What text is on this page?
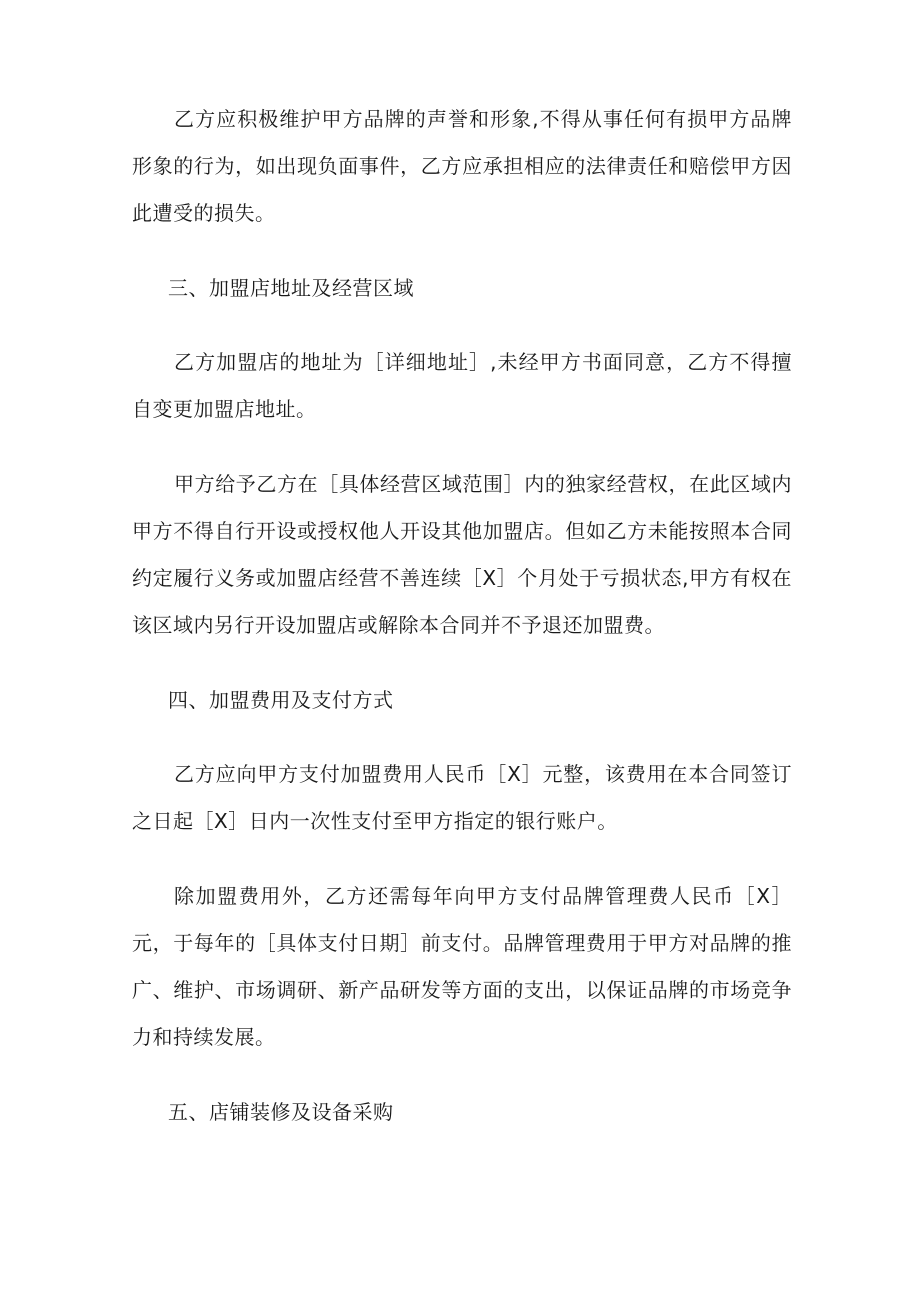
乙方应积极维护甲方品牌的声誉和形象,不得从事任何有损甲方品牌形象的行为，如出现负面事件，乙方应承担相应的法律责任和赔偿甲方因此遭受的损失。

三、加盟店地址及经营区域

乙方加盟店的地址为［详细地址］,未经甲方书面同意，乙方不得擅自变更加盟店地址。

甲方给予乙方在［具体经营区域范围］内的独家经营权，在此区域内甲方不得自行开设或授权他人开设其他加盟店。但如乙方未能按照本合同约定履行义务或加盟店经营不善连续［X］个月处于亏损状态,甲方有权在该区域内另行开设加盟店或解除本合同并不予退还加盟费。

四、加盟费用及支付方式

乙方应向甲方支付加盟费用人民币［X］元整，该费用在本合同签订之日起［X］日内一次性支付至甲方指定的银行账户。

除加盟费用外，乙方还需每年向甲方支付品牌管理费人民币［X］元，于每年的［具体支付日期］前支付。品牌管理费用于甲方对品牌的推广、维护、市场调研、新产品研发等方面的支出，以保证品牌的市场竞争力和持续发展。

五、店铺装修及设备采购
